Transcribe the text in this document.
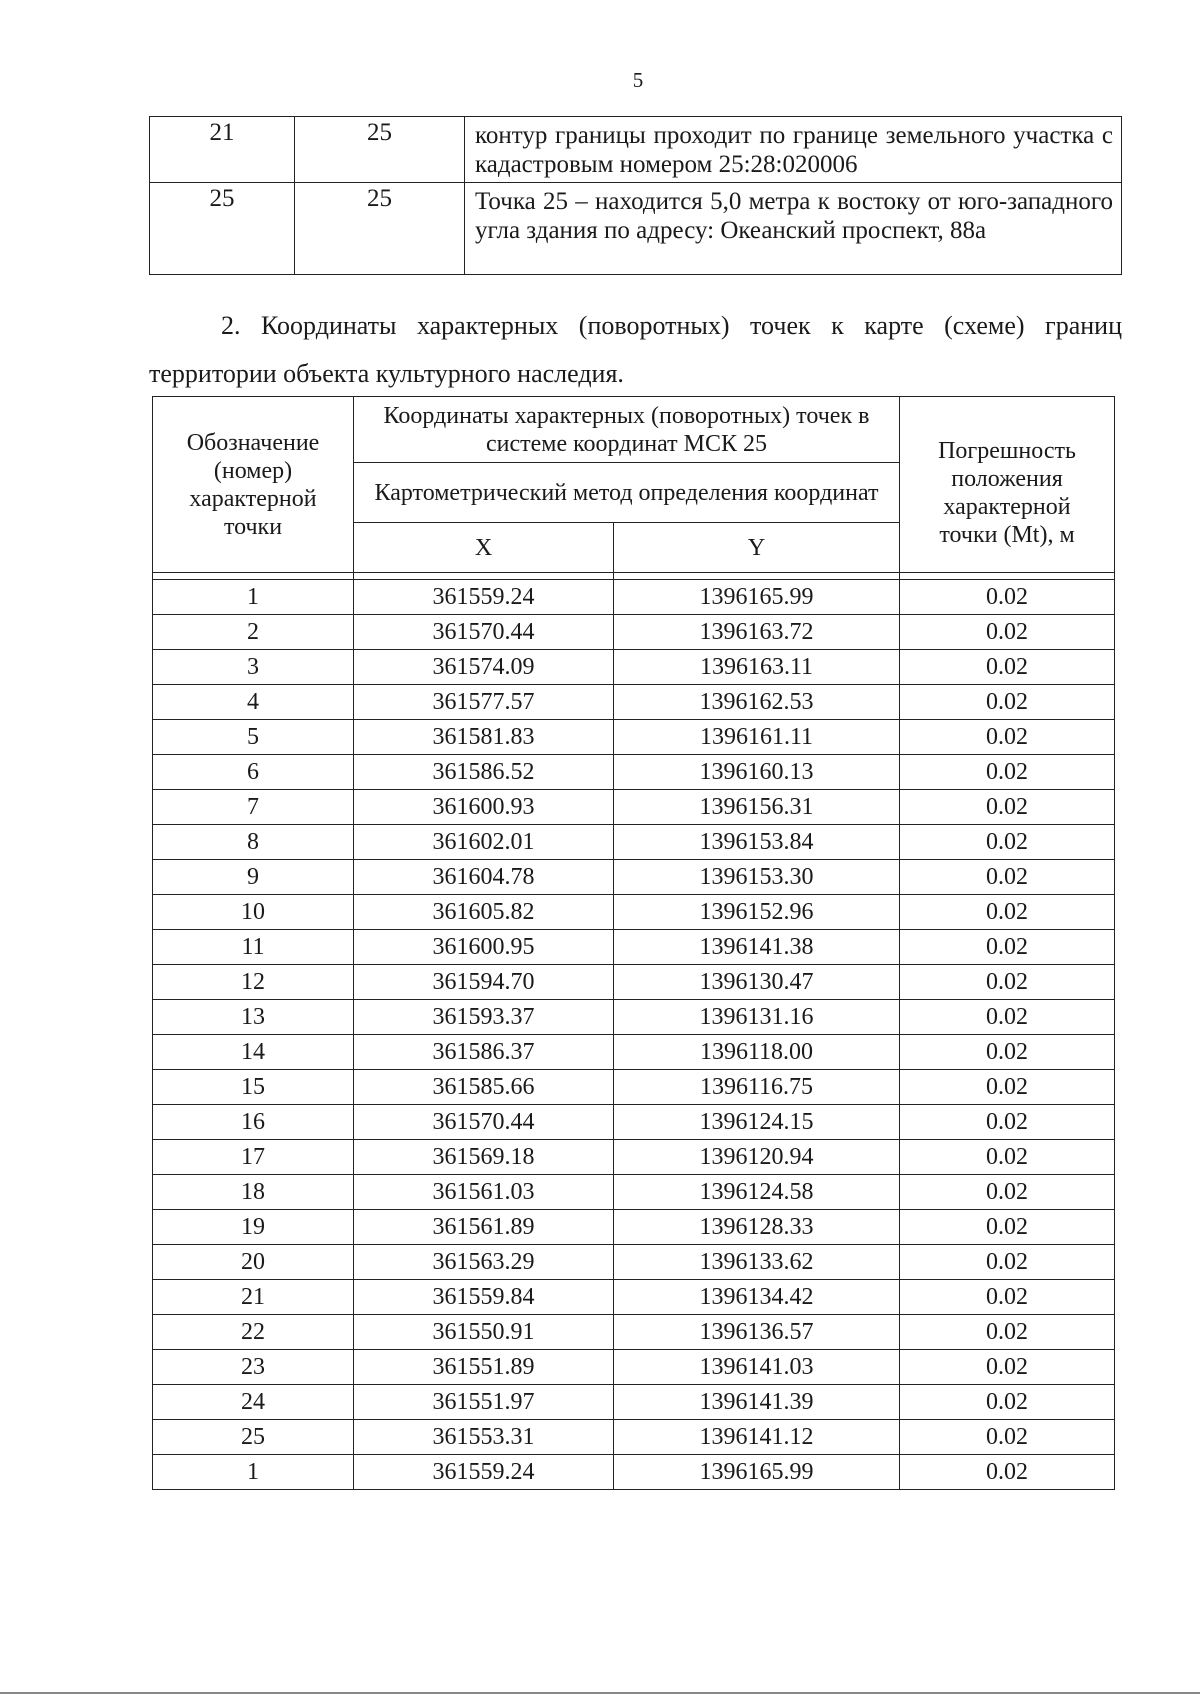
5
21	25	контур границы проходит по границе земельного участка с кадастровым номером 25:28:020006
25	25	Точка 25 – находится 5,0 метра к востоку от юго-западного угла здания по адресу: Океанский проспект, 88а
2. Координаты характерных (поворотных) точек к карте (схеме) границ территории объекта культурного наследия.
Обозначение (номер) характерной точки	Координаты характерных (поворотных) точек в системе координат МСК 25		Погрешность положения характерной точки (Mt), м
	Картометрический метод определения координат		
	X	Y	

1	361559.24	1396165.99	0.02
2	361570.44	1396163.72	0.02
3	361574.09	1396163.11	0.02
4	361577.57	1396162.53	0.02
5	361581.83	1396161.11	0.02
6	361586.52	1396160.13	0.02
7	361600.93	1396156.31	0.02
8	361602.01	1396153.84	0.02
9	361604.78	1396153.30	0.02
10	361605.82	1396152.96	0.02
11	361600.95	1396141.38	0.02
12	361594.70	1396130.47	0.02
13	361593.37	1396131.16	0.02
14	361586.37	1396118.00	0.02
15	361585.66	1396116.75	0.02
16	361570.44	1396124.15	0.02
17	361569.18	1396120.94	0.02
18	361561.03	1396124.58	0.02
19	361561.89	1396128.33	0.02
20	361563.29	1396133.62	0.02
21	361559.84	1396134.42	0.02
22	361550.91	1396136.57	0.02
23	361551.89	1396141.03	0.02
24	361551.97	1396141.39	0.02
25	361553.31	1396141.12	0.02
1	361559.24	1396165.99	0.02
